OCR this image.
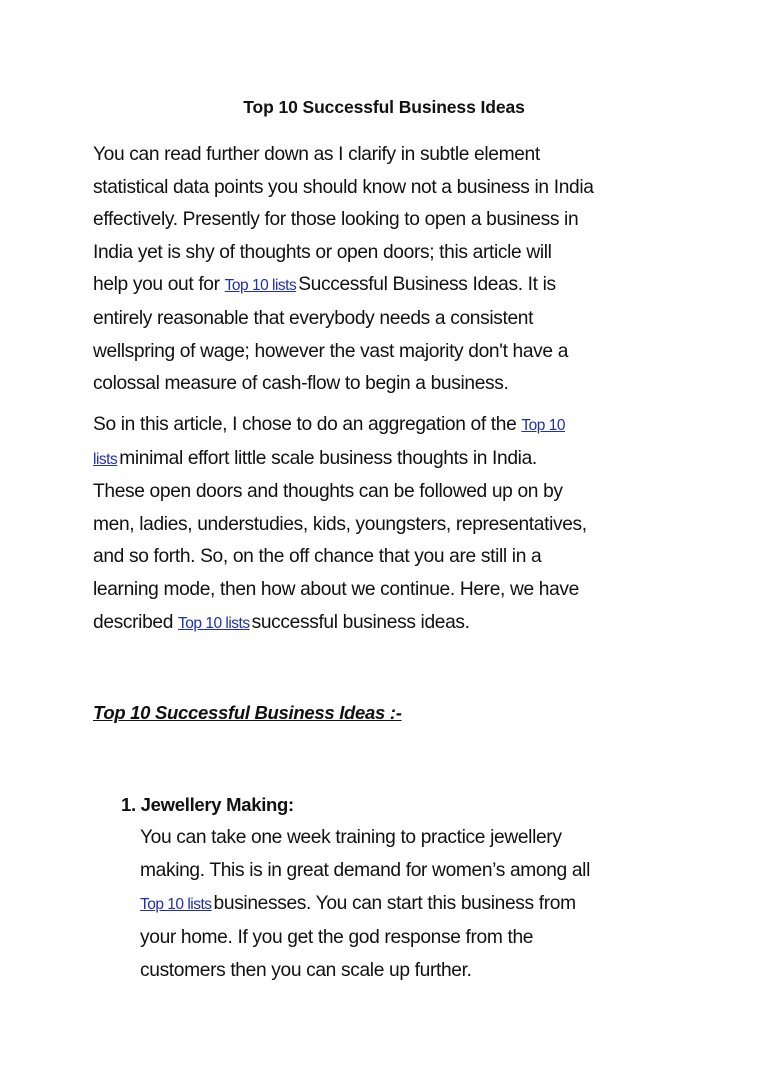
Top 10 Successful Business Ideas
You can read further down as I clarify in subtle element
statistical data points you should know not a business in India
effectively. Presently for those looking to open a business in
India yet is shy of thoughts or open doors; this article will
help you out for Top 10 lists Successful Business Ideas. It is
entirely reasonable that everybody needs a consistent
wellspring of wage; however the vast majority don't have a
colossal measure of cash-flow to begin a business.
So in this article, I chose to do an aggregation of the Top 10
lists minimal effort little scale business thoughts in India.
These open doors and thoughts can be followed up on by
men, ladies, understudies, kids, youngsters, representatives,
and so forth. So, on the off chance that you are still in a
learning mode, then how about we continue. Here, we have
described Top 10 lists successful business ideas.
Top 10 Successful Business Ideas :-
1. Jewellery Making:
You can take one week training to practice jewellery
making. This is in great demand for women’s among all
Top 10 lists businesses. You can start this business from
your home. If you get the god response from the
customers then you can scale up further.
